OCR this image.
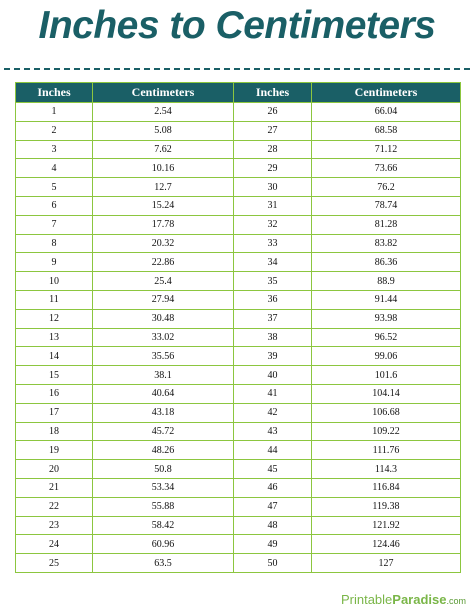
Inches to Centimeters
Inches	Centimeters	Inches	Centimeters
1	2.54	26	66.04
2	5.08	27	68.58
3	7.62	28	71.12
4	10.16	29	73.66
5	12.7	30	76.2
6	15.24	31	78.74
7	17.78	32	81.28
8	20.32	33	83.82
9	22.86	34	86.36
10	25.4	35	88.9
11	27.94	36	91.44
12	30.48	37	93.98
13	33.02	38	96.52
14	35.56	39	99.06
15	38.1	40	101.6
16	40.64	41	104.14
17	43.18	42	106.68
18	45.72	43	109.22
19	48.26	44	111.76
20	50.8	45	114.3
21	53.34	46	116.84
22	55.88	47	119.38
23	58.42	48	121.92
24	60.96	49	124.46
25	63.5	50	127
PrintableParadise.com
